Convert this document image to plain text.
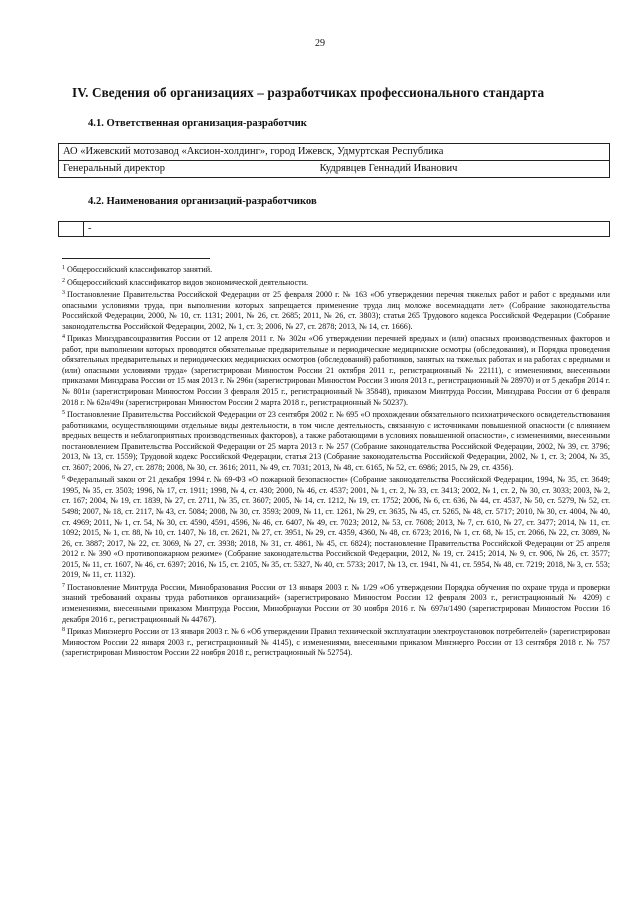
29
IV. Сведения об организациях – разработчиках профессионального стандарта
4.1. Ответственная организация-разработчик
АО «Ижевский мотозавод «Аксион-холдинг», город Ижевск, Удмуртская Республика
Генеральный директор	Кудрявцев Геннадий Иванович
4.2. Наименования организаций-разработчиков
	-

$^1$ Общероссийский классификатор занятий.

$^2$ Общероссийский классификатор видов экономической деятельности.

$^3$ Постановление Правительства Российской Федерации от 25 февраля 2000 г. № 163 «Об утверждении перечня тяжелых работ и работ с вредными или опасными условиями труда, при выполнении которых запрещается применение труда лиц моложе восемнадцати лет» (Собрание законодательства Российской Федерации, 2000, № 10, ст. 1131; 2001, № 26, ст. 2685; 2011, № 26, ст. 3803); статья 265 Трудового кодекса Российской Федерации (Собрание законодательства Российской Федерации, 2002, № 1, ст. 3; 2006, № 27, ст. 2878; 2013, № 14, ст. 1666).

$^4$ Приказ Минздравсоцразвития России от 12 апреля 2011 г. № 302н «Об утверждении перечней вредных и (или) опасных производственных факторов и работ, при выполнении которых проводятся обязательные предварительные и периодические медицинские осмотры (обследования), и Порядка проведения обязательных предварительных и периодических медицинских осмотров (обследований) работников, занятых на тяжелых работах и на работах с вредными и (или) опасными условиями труда» (зарегистрирован Минюстом России 21 октября 2011 г., регистрационный № 22111), с изменениями, внесенными приказами Минздрава России от 15 мая 2013 г. № 296н (зарегистрирован Минюстом России 3 июля 2013 г., регистрационный № 28970) и от 5 декабря 2014 г. № 801н (зарегистрирован Минюстом России 3 февраля 2015 г., регистрационный № 35848), приказом Минтруда России, Минздрава России от 6 февраля 2018 г. № 62н/49н (зарегистрирован Минюстом России 2 марта 2018 г., регистрационный № 50237).

$^5$ Постановление Правительства Российской Федерации от 23 сентября 2002 г. № 695 «О прохождении обязательного психиатрического освидетельствования работниками, осуществляющими отдельные виды деятельности, в том числе деятельность, связанную с источниками повышенной опасности (с влиянием вредных веществ и неблагоприятных производственных факторов), а также работающими в условиях повышенной опасности», с изменениями, внесенными постановлением Правительства Российской Федерации от 25 марта 2013 г. № 257 (Собрание законодательства Российской Федерации, 2002, № 39, ст. 3796; 2013, № 13, ст. 1559); Трудовой кодекс Российской Федерации, статья 213 (Собрание законодательства Российской Федерации, 2002, № 1, ст. 3; 2004, № 35, ст. 3607; 2006, № 27, ст. 2878; 2008, № 30, ст. 3616; 2011, № 49, ст. 7031; 2013, № 48, ст. 6165, № 52, ст. 6986; 2015, № 29, ст. 4356).

$^6$ Федеральный закон от 21 декабря 1994 г. № 69-ФЗ «О пожарной безопасности» (Собрание законодательства Российской Федерации, 1994, № 35, ст. 3649; 1995, № 35, ст. 3503; 1996, № 17, ст. 1911; 1998, № 4, ст. 430; 2000, № 46, ст. 4537; 2001, № 1, ст. 2, № 33, ст. 3413; 2002, № 1, ст. 2, № 30, ст. 3033; 2003, № 2, ст. 167; 2004, № 19, ст. 1839, № 27, ст. 2711, № 35, ст. 3607; 2005, № 14, ст. 1212, № 19, ст. 1752; 2006, № 6, ст. 636, № 44, ст. 4537, № 50, ст. 5279, № 52, ст. 5498; 2007, № 18, ст. 2117, № 43, ст. 5084; 2008, № 30, ст. 3593; 2009, № 11, ст. 1261, № 29, ст. 3635, № 45, ст. 5265, № 48, ст. 5717; 2010, № 30, ст. 4004, № 40, ст. 4969; 2011, № 1, ст. 54, № 30, ст. 4590, 4591, 4596, № 46, ст. 6407, № 49, ст. 7023; 2012, № 53, ст. 7608; 2013, № 7, ст. 610, № 27, ст. 3477; 2014, № 11, ст. 1092; 2015, № 1, ст. 88, № 10, ст. 1407, № 18, ст. 2621, № 27, ст. 3951, № 29, ст. 4359, 4360, № 48, ст. 6723; 2016, № 1, ст. 68, № 15, ст. 2066, № 22, ст. 3089, № 26, ст. 3887; 2017, № 22, ст. 3069, № 27, ст. 3938; 2018, № 31, ст. 4861, № 45, ст. 6824); постановление Правительства Российской Федерации от 25 апреля 2012 г. № 390 «О противопожарном режиме» (Собрание законодательства Российской Федерации, 2012, № 19, ст. 2415; 2014, № 9, ст. 906, № 26, ст. 3577; 2015, № 11, ст. 1607, № 46, ст. 6397; 2016, № 15, ст. 2105, № 35, ст. 5327, № 40, ст. 5733; 2017, № 13, ст. 1941, № 41, ст. 5954, № 48, ст. 7219; 2018, № 3, ст. 553; 2019, № 11, ст. 1132).

$^7$ Постановление Минтруда России, Минобразования России от 13 января 2003 г. № 1/29 «Об утверждении Порядка обучения по охране труда и проверки знаний требований охраны труда работников организаций» (зарегистрировано Минюстом России 12 февраля 2003 г., регистрационный № 4209) с изменениями, внесенными приказом Минтруда России, Минобрнауки России от 30 ноября 2016 г. № 697н/1490 (зарегистрирован Минюстом России 16 декабря 2016 г., регистрационный № 44767).

$^8$ Приказ Минэнерго России от 13 января 2003 г. № 6 «Об утверждении Правил технической эксплуатации электроустановок потребителей» (зарегистрирован Минюстом России 22 января 2003 г., регистрационный № 4145), с изменениями, внесенными приказом Минэнерго России от 13 сентября 2018 г. № 757 (зарегистрирован Минюстом России 22 ноября 2018 г., регистрационный № 52754).
